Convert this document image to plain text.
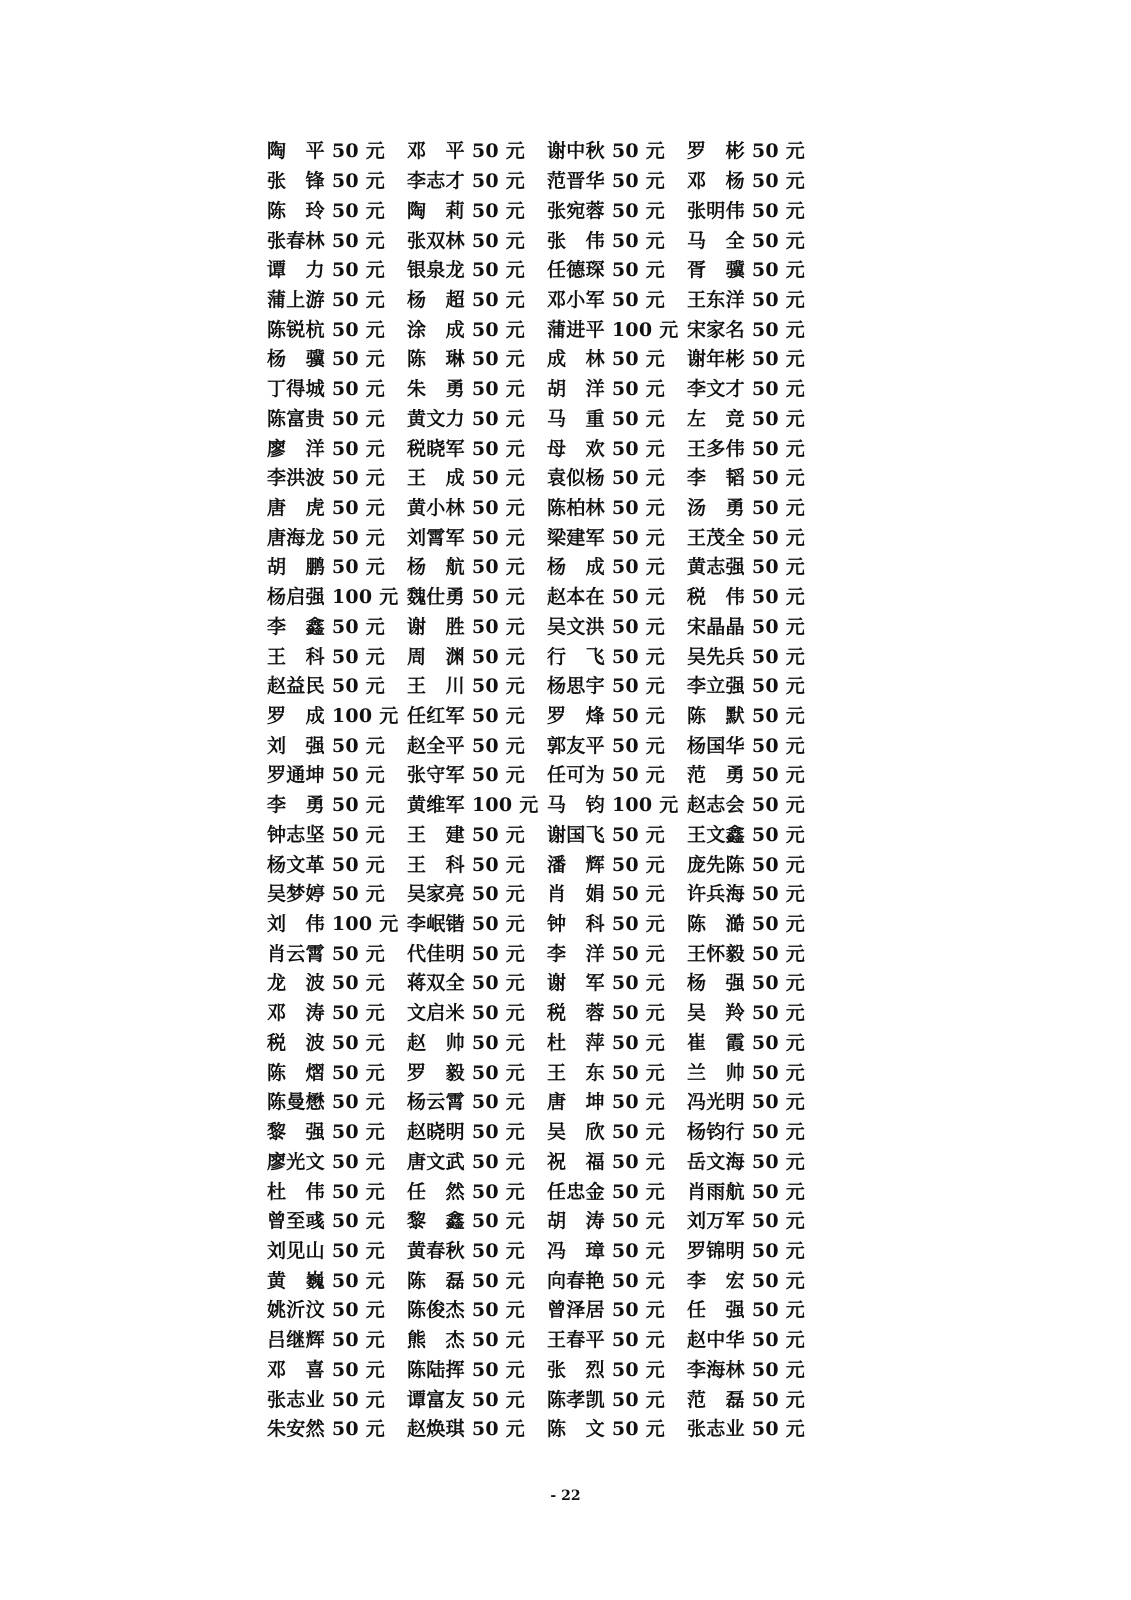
陶　平 50 元	邓　平 50 元	谢中秋 50 元	罗　彬 50 元
张　锋 50 元	李志才 50 元	范晋华 50 元	邓　杨 50 元
陈　玲 50 元	陶　莉 50 元	张宛蓉 50 元	张明伟 50 元
张春林 50 元	张双林 50 元	张　伟 50 元	马　全 50 元
谭　力 50 元	银泉龙 50 元	任德琛 50 元	胥　骥 50 元
蒲上游 50 元	杨　超 50 元	邓小军 50 元	王东洋 50 元
陈锐杭 50 元	涂　成 50 元	蒲进平 100 元 宋家名 50 元
杨　骥 50 元	陈　琳 50 元	成　林 50 元	谢年彬 50 元
丁得城 50 元	朱　勇 50 元	胡　洋 50 元	李文才 50 元
陈富贵 50 元	黄文力 50 元	马　重 50 元	左　竞 50 元
廖　洋 50 元	税晓军 50 元	母　欢 50 元	王多伟 50 元
李洪波 50 元	王　成 50 元	袁似杨 50 元	李　韬 50 元
唐　虎 50 元	黄小林 50 元	陈柏林 50 元	汤　勇 50 元
唐海龙 50 元	刘霄军 50 元	梁建军 50 元	王茂全 50 元
胡　鹏 50 元	杨　航 50 元	杨　成 50 元	黄志强 50 元
杨启强 100 元 魏仕勇 50 元	赵本在 50 元	税　伟 50 元
李　鑫 50 元	谢　胜 50 元	吴文洪 50 元	宋晶晶 50 元
王　科 50 元	周　渊 50 元	行　飞 50 元	吴先兵 50 元
赵益民 50 元	王　川 50 元	杨思宇 50 元	李立强 50 元
罗　成 100 元 任红军 50 元	罗　烽 50 元	陈　默 50 元
刘　强 50 元	赵全平 50 元	郭友平 50 元	杨国华 50 元
罗通坤 50 元	张守军 50 元	任可为 50 元	范　勇 50 元
李　勇 50 元	黄维军 100 元 马　钧 100 元 赵志会 50 元
钟志坚 50 元	王　建 50 元	谢国飞 50 元	王文鑫 50 元
杨文革 50 元	王　科 50 元	潘　辉 50 元	庞先陈 50 元
吴梦婷 50 元	吴家亮 50 元	肖　娟 50 元	许兵海 50 元
刘　伟 100 元 李岷锴 50 元	钟　科 50 元	陈　澔 50 元
肖云霄 50 元	代佳明 50 元	李　洋 50 元	王怀毅 50 元
龙　波 50 元	蒋双全 50 元	谢　军 50 元	杨　强 50 元
邓　涛 50 元	文启米 50 元	税　蓉 50 元	吴　羚 50 元
税　波 50 元	赵　帅 50 元	杜　萍 50 元	崔　霞 50 元
陈　熠 50 元	罗　毅 50 元	王　东 50 元	兰　帅 50 元
陈曼懋 50 元	杨云霄 50 元	唐　坤 50 元	冯光明 50 元
黎　强 50 元	赵晓明 50 元	吴　欣 50 元	杨钧行 50 元
廖光文 50 元	唐文武 50 元	祝　福 50 元	岳文海 50 元
杜　伟 50 元	任　然 50 元	任忠金 50 元	肖雨航 50 元
曾至彧 50 元	黎　鑫 50 元	胡　涛 50 元	刘万军 50 元
刘见山 50 元	黄春秋 50 元	冯　璋 50 元	罗锦明 50 元
黄　巍 50 元	陈　磊 50 元	向春艳 50 元	李　宏 50 元
姚沂汶 50 元	陈俊杰 50 元	曾泽居 50 元	任　强 50 元
吕继辉 50 元	熊　杰 50 元	王春平 50 元	赵中华 50 元
邓　喜 50 元	陈陆挥 50 元	张　烈 50 元	李海林 50 元
张志业 50 元	谭富友 50 元	陈孝凯 50 元	范　磊 50 元
朱安然 50 元	赵焕琪 50 元	陈　文 50 元	张志业 50 元
- 22
